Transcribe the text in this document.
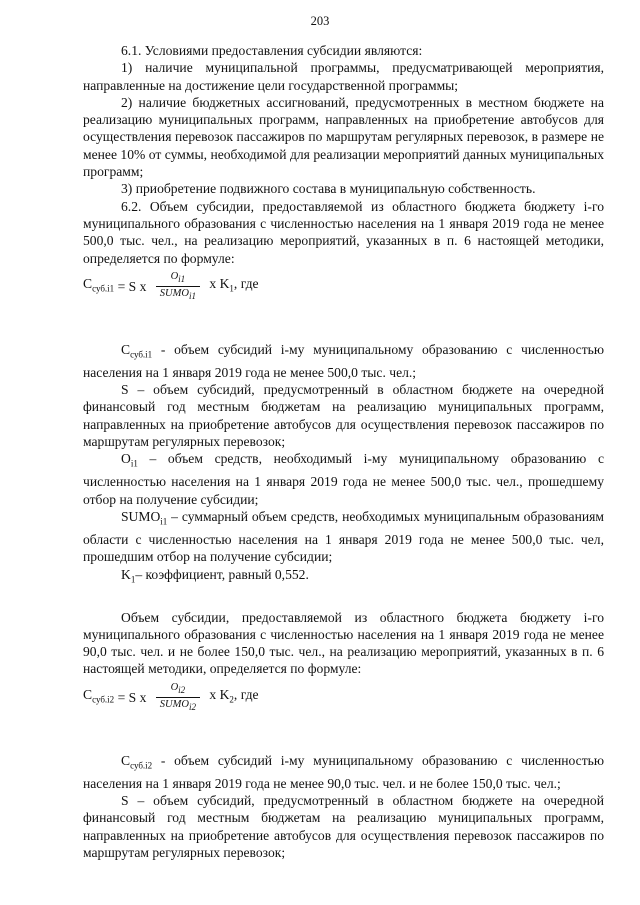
203

6.1. Условиями предоставления субсидии являются:

1) наличие муниципальной программы, предусматривающей мероприятия, направленные на достижение цели государственной программы;

2) наличие бюджетных ассигнований, предусмотренных в местном бюджете на реализацию муниципальных программ, направленных на приобретение автобусов для осуществления перевозок пассажиров по маршрутам регулярных перевозок, в размере не менее 10% от суммы, необходимой для реализации мероприятий данных муниципальных программ;

3) приобретение подвижного состава в муниципальную собственность.

6.2. Объем субсидии, предоставляемой из областного бюджета бюджету i-го муниципального образования с численностью населения на 1 января 2019 года не менее 500,0 тыс. чел., на реализацию мероприятий, указанных в п. 6 настоящей методики, определяется по формуле:

$С_{суб.i1} = S$ x $\frac{O_{i1}}{SUMO_{i1}}$ x $K_1$, где

$С_{суб.i1}$ - объем субсидий i-му муниципальному образованию с численностью населения на 1 января 2019 года не менее 500,0 тыс. чел.;

S – объем субсидий, предусмотренный в областном бюджете на очередной финансовый год местным бюджетам на реализацию муниципальных программ, направленных на приобретение автобусов для осуществления перевозок пассажиров по маршрутам регулярных перевозок;

$O_{i1}$ – объем средств, необходимый i-му муниципальному образованию с численностью населения на 1 января 2019 года не менее 500,0 тыс. чел., прошедшему отбор на получение субсидии;

$SUMO_{i1}$ – суммарный объем средств, необходимых муниципальным образованиям области с численностью населения на 1 января 2019 года не менее 500,0 тыс. чел, прошедшим отбор на получение субсидии;

$K_1-$ коэффициент, равный 0,552.

Объем субсидии, предоставляемой из областного бюджета бюджету i-го муниципального образования с численностью населения на 1 января 2019 года не менее 90,0 тыс. чел. и не более 150,0 тыс. чел., на реализацию мероприятий, указанных в п. 6 настоящей методики, определяется по формуле:

$С_{суб.i2} = S$ x $\frac{O_{i2}}{SUMO_{i2}}$ x $K_2$, где

$С_{суб.i2}$ - объем субсидий i-му муниципальному образованию с численностью населения на 1 января 2019 года не менее 90,0 тыс. чел. и не более 150,0 тыс. чел.;

S – объем субсидий, предусмотренный в областном бюджете на очередной финансовый год местным бюджетам на реализацию муниципальных программ, направленных на приобретение автобусов для осуществления перевозок пассажиров по маршрутам регулярных перевозок;
